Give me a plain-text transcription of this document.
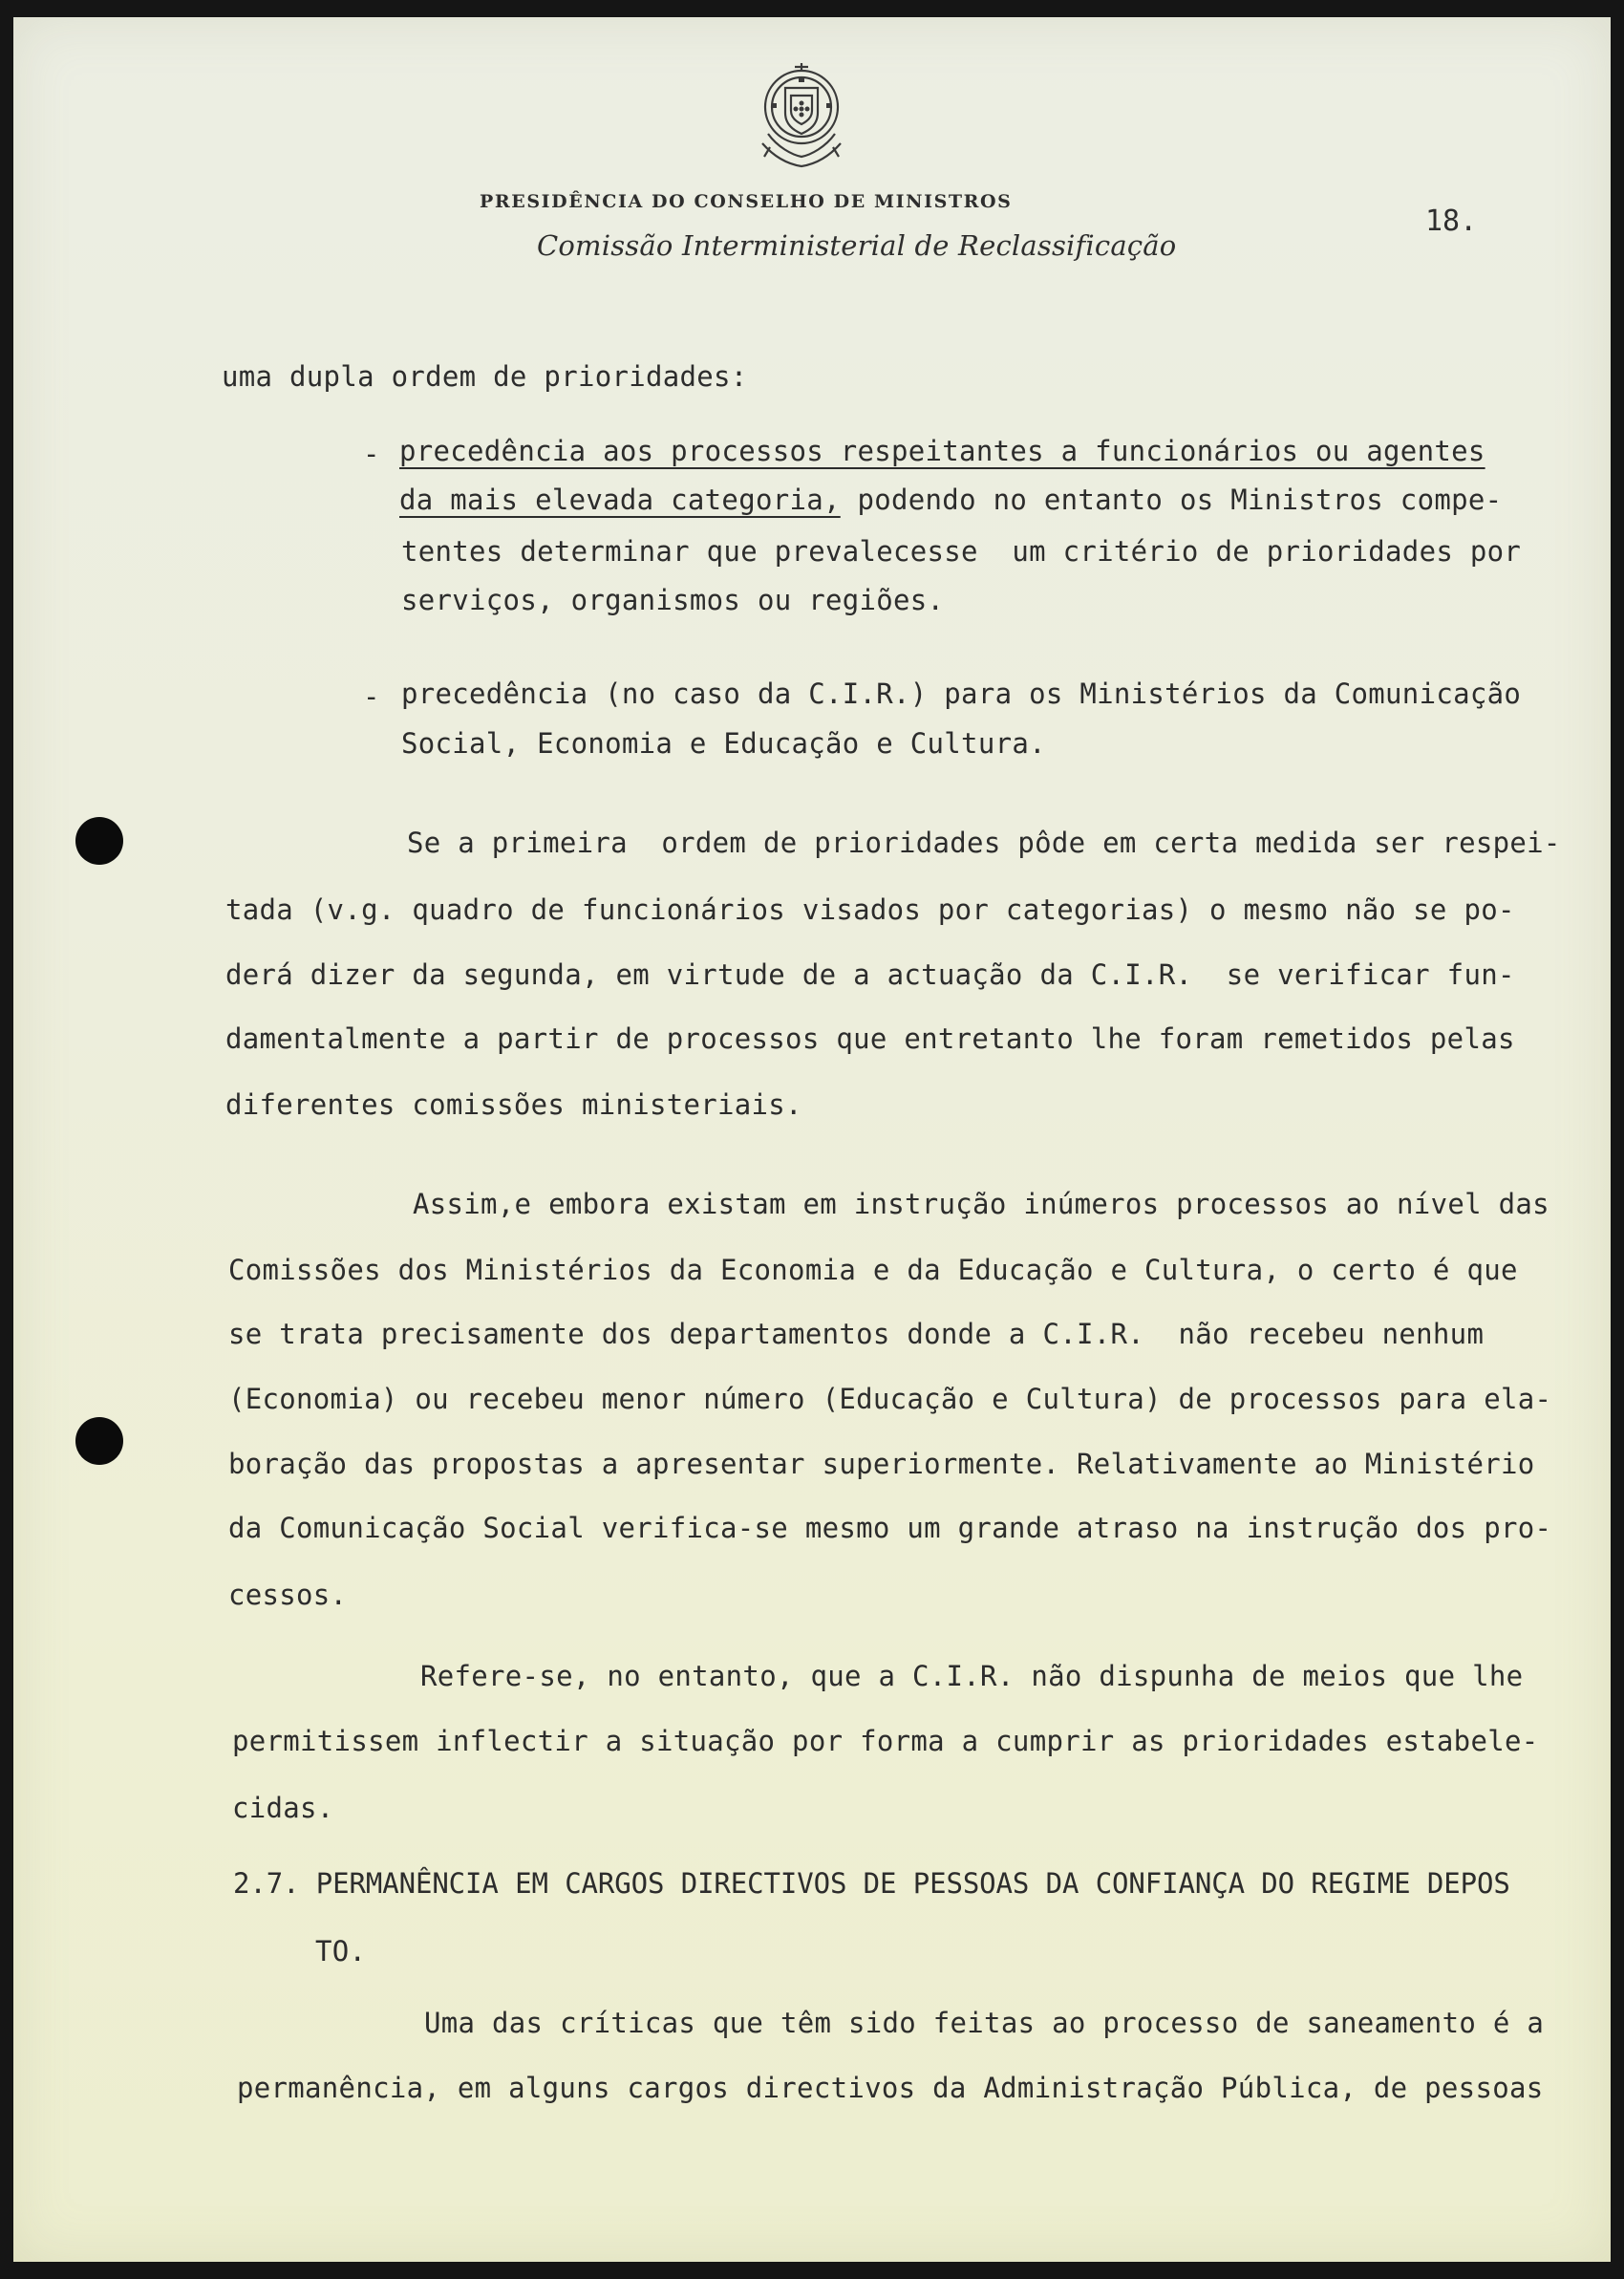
PRESIDÊNCIA DO CONSELHO DE MINISTROS
Comissão Interministerial de Reclassificação
18.
uma dupla ordem de prioridades:
- precedência aos processos respeitantes a funcionários ou agentes
da mais elevada categoria, podendo no entanto os Ministros compe-
tentes determinar que prevalecesse  um critério de prioridades por
serviços, organismos ou regiões.
- precedência (no caso da C.I.R.) para os Ministérios da Comunicação
Social, Economia e Educação e Cultura.
Se a primeira  ordem de prioridades pôde em certa medida ser respei-
tada (v.g. quadro de funcionários visados por categorias) o mesmo não se po-
derá dizer da segunda, em virtude de a actuação da C.I.R.  se verificar fun-
damentalmente a partir de processos que entretanto lhe foram remetidos pelas
diferentes comissões ministeriais.
Assim,e embora existam em instrução inúmeros processos ao nível das
Comissões dos Ministérios da Economia e da Educação e Cultura, o certo é que
se trata precisamente dos departamentos donde a C.I.R.  não recebeu nenhum
(Economia) ou recebeu menor número (Educação e Cultura) de processos para ela-
boração das propostas a apresentar superiormente. Relativamente ao Ministério
da Comunicação Social verifica-se mesmo um grande atraso na instrução dos pro-
cessos.
Refere-se, no entanto, que a C.I.R. não dispunha de meios que lhe
permitissem inflectir a situação por forma a cumprir as prioridades estabele-
cidas.
2.7. PERMANÊNCIA EM CARGOS DIRECTIVOS DE PESSOAS DA CONFIANÇA DO REGIME DEPOS
TO.
Uma das críticas que têm sido feitas ao processo de saneamento é a
permanência, em alguns cargos directivos da Administração Pública, de pessoas
